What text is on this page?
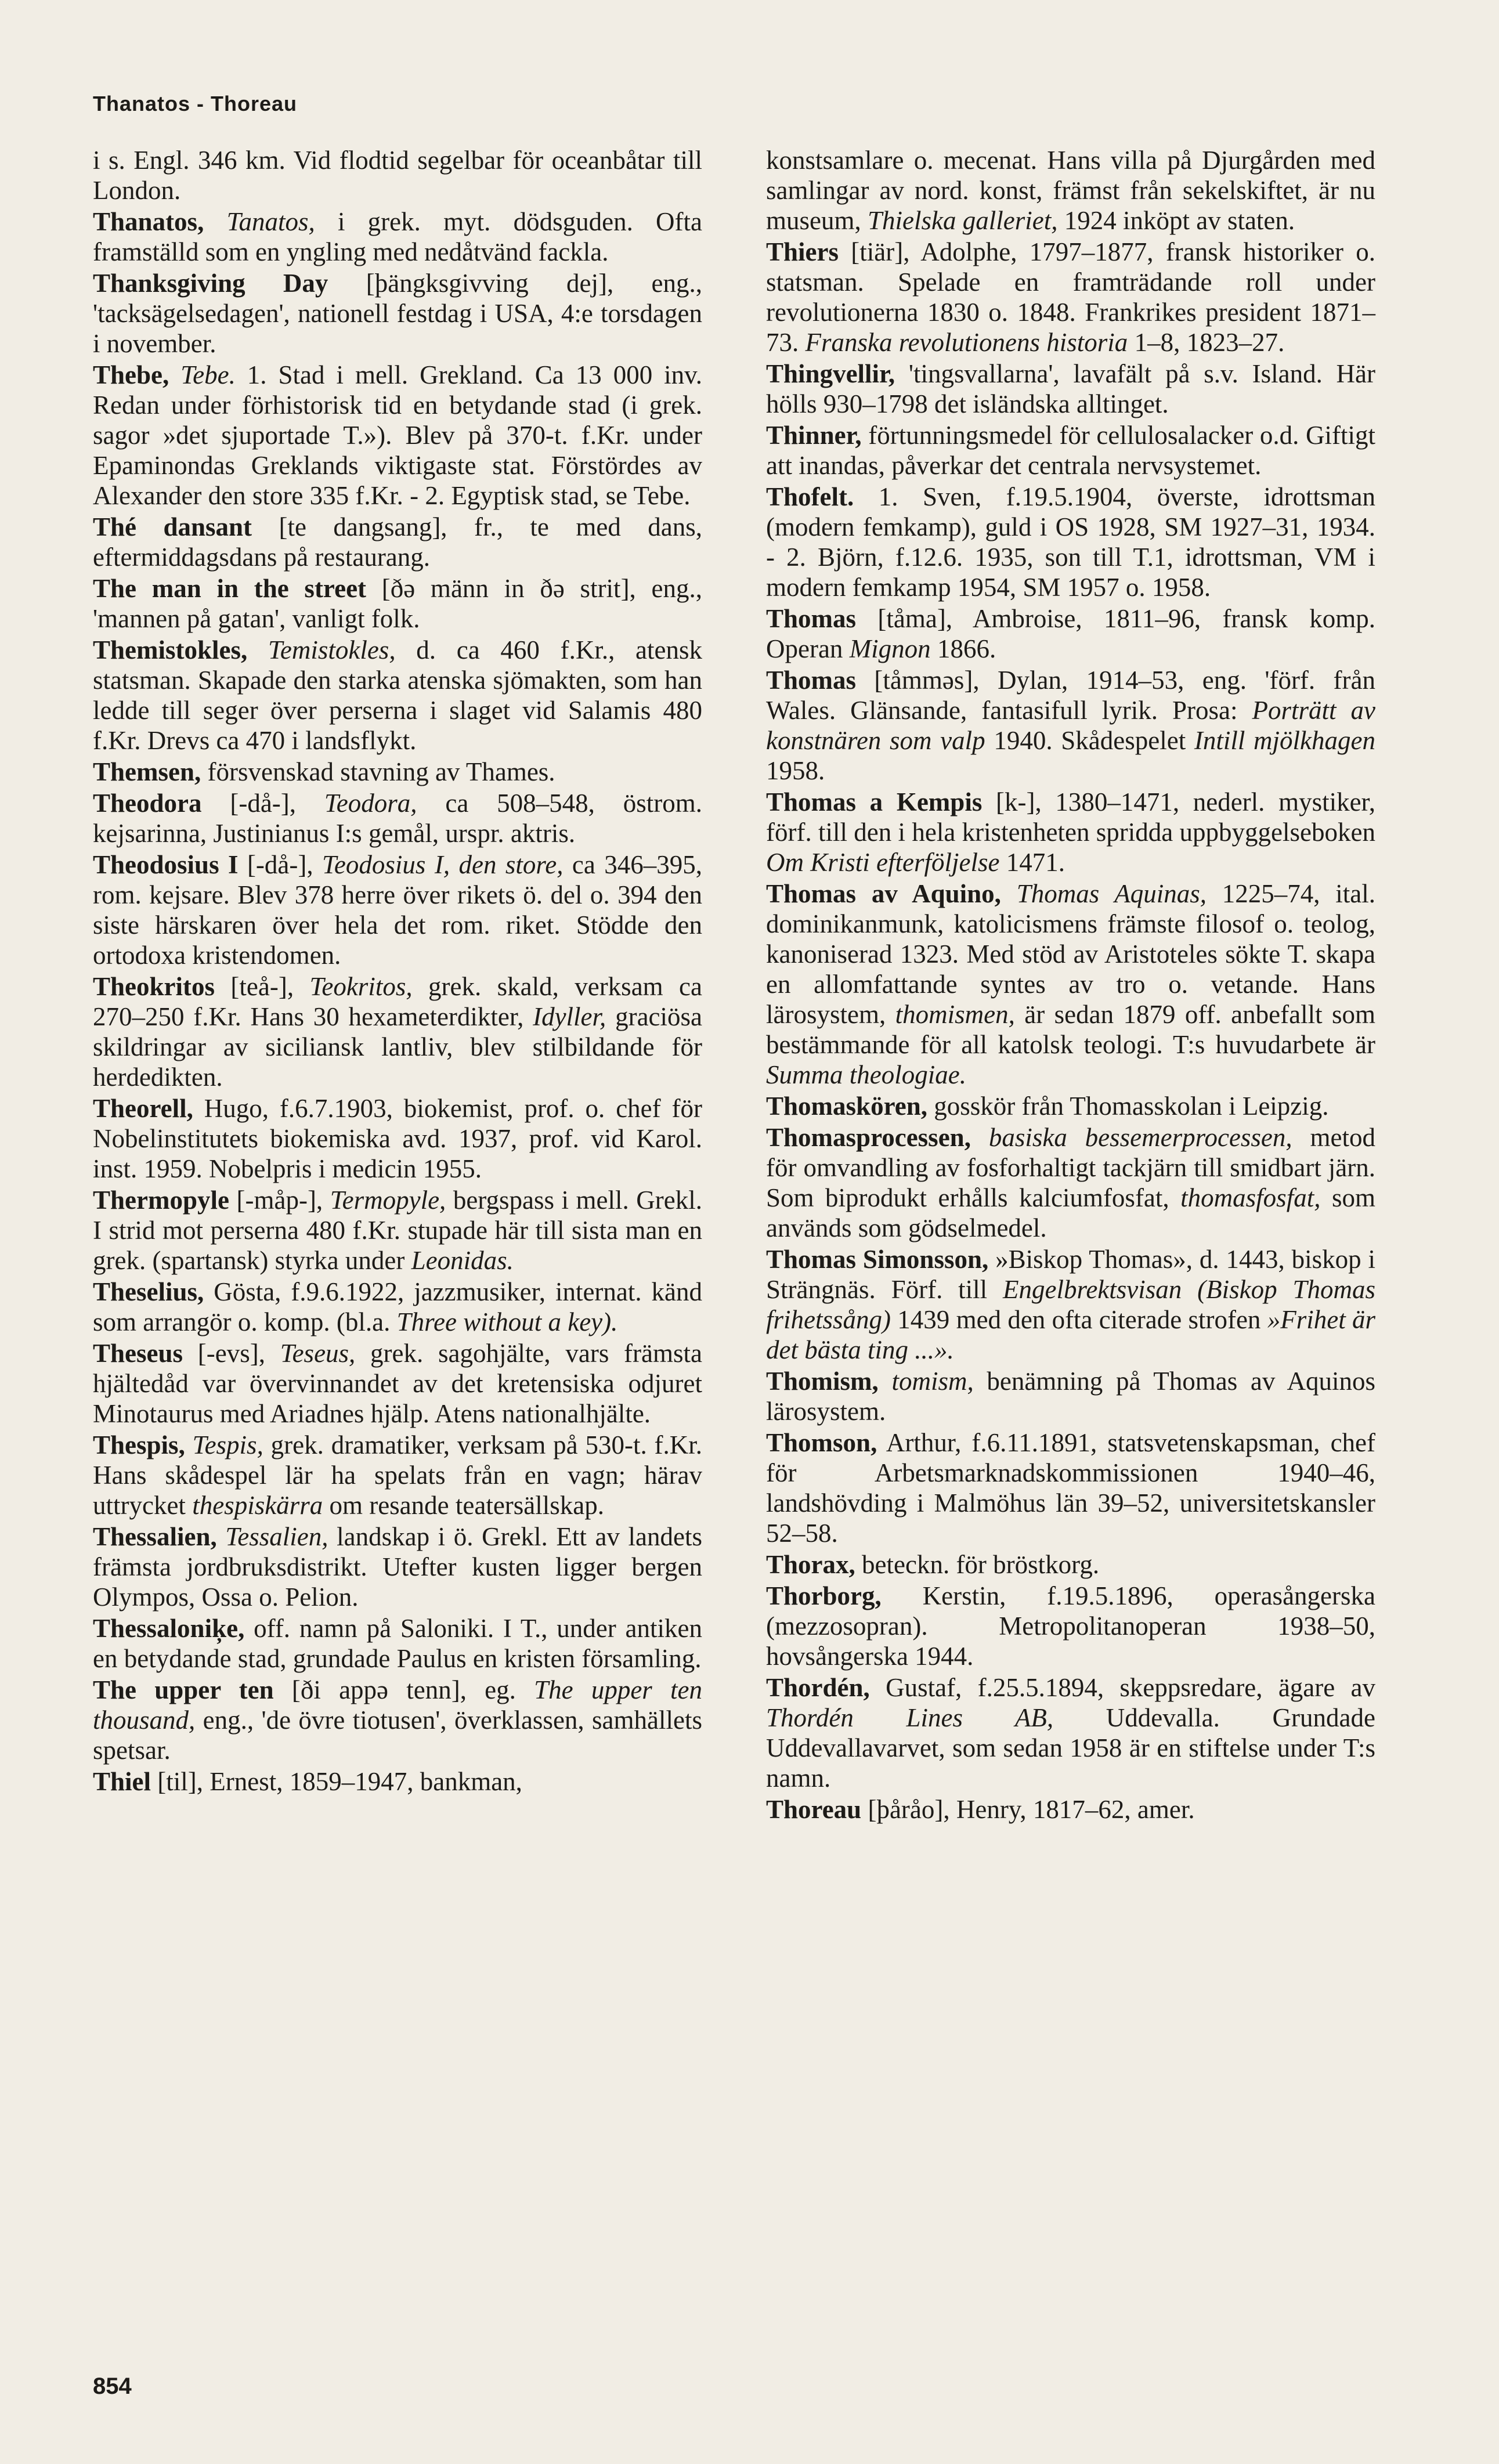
Thanatos - Thoreau

i s. Engl. 346 km. Vid flodtid segelbar för oceanbåtar till London.

Thanatos, Tanatos, i grek. myt. dödsguden. Ofta framställd som en yngling med nedåtvänd fackla.

Thanksgiving Day [þängksgivving dej], eng., 'tacksägelsedagen', nationell festdag i USA, 4:e torsdagen i november.

Thebe, Tebe. 1. Stad i mell. Grekland. Ca 13 000 inv. Redan under förhistorisk tid en betydande stad (i grek. sagor »det sjuportade T.»). Blev på 370-t. f.Kr. under Epaminondas Greklands viktigaste stat. Förstördes av Alexander den store 335 f.Kr. - 2. Egyptisk stad, se Tebe.

Thé dansant [te dangsang], fr., te med dans, eftermiddagsdans på restaurang.

The man in the street [ðə männ in ðə strit], eng., 'mannen på gatan', vanligt folk.

Themistokles, Temistokles, d. ca 460 f.Kr., atensk statsman. Skapade den starka atenska sjömakten, som han ledde till seger över perserna i slaget vid Salamis 480 f.Kr. Drevs ca 470 i landsflykt.

Themsen, försvenskad stavning av Thames.

Theodora [-då-], Teodora, ca 508–548, östrom. kejsarinna, Justinianus I:s gemål, urspr. aktris.

Theodosius I [-då-], Teodosius I, den store, ca 346–395, rom. kejsare. Blev 378 herre över rikets ö. del o. 394 den siste härskaren över hela det rom. riket. Stödde den ortodoxa kristendomen.

Theokritos [teå-], Teokritos, grek. skald, verksam ca 270–250 f.Kr. Hans 30 hexameterdikter, Idyller, graciösa skildringar av siciliansk lantliv, blev stilbildande för herdedikten.

Theorell, Hugo, f.6.7.1903, biokemist, prof. o. chef för Nobelinstitutets biokemiska avd. 1937, prof. vid Karol. inst. 1959. Nobelpris i medicin 1955.

Thermopyle [-måp-], Termopyle, bergspass i mell. Grekl. I strid mot perserna 480 f.Kr. stupade här till sista man en grek. (spartansk) styrka under Leonidas.

Theselius, Gösta, f.9.6.1922, jazzmusiker, internat. känd som arrangör o. komp. (bl.a. Three without a key).

Theseus [-evs], Teseus, grek. sagohjälte, vars främsta hjältedåd var övervinnandet av det kretensiska odjuret Minotaurus med Ariadnes hjälp. Atens nationalhjälte.

Thespis, Tespis, grek. dramatiker, verksam på 530-t. f.Kr. Hans skådespel lär ha spelats från en vagn; härav uttrycket thespiskärra om resande teatersällskap.

Thessalien, Tessalien, landskap i ö. Grekl. Ett av landets främsta jordbruksdistrikt. Utefter kusten ligger bergen Olympos, Ossa o. Pelion.

Thessaloniķe, off. namn på Saloniki. I T., under antiken en betydande stad, grundade Paulus en kristen församling.

The upper ten [ði appə tenn], eg. The upper ten thousand, eng., 'de övre tiotusen', överklassen, samhällets spetsar.

Thiel [til], Ernest, 1859–1947, bankman,

konstsamlare o. mecenat. Hans villa på Djurgården med samlingar av nord. konst, främst från sekelskiftet, är nu museum, Thielska galleriet, 1924 inköpt av staten.

Thiers [tiär], Adolphe, 1797–1877, fransk historiker o. statsman. Spelade en framträdande roll under revolutionerna 1830 o. 1848. Frankrikes president 1871–73. Franska revolutionens historia 1–8, 1823–27.

Thingvellir, 'tingsvallarna', lavafält på s.v. Island. Här hölls 930–1798 det isländska alltinget.

Thinner, förtunningsmedel för cellulosalacker o.d. Giftigt att inandas, påverkar det centrala nervsystemet.

Thofelt. 1. Sven, f.19.5.1904, överste, idrottsman (modern femkamp), guld i OS 1928, SM 1927–31, 1934. - 2. Björn, f.12.6. 1935, son till T.1, idrottsman, VM i modern femkamp 1954, SM 1957 o. 1958.

Thomas [tåma], Ambroise, 1811–96, fransk komp. Operan Mignon 1866.

Thomas [tåmməs], Dylan, 1914–53, eng. 'förf. från Wales. Glänsande, fantasifull lyrik. Prosa: Porträtt av konstnären som valp 1940. Skådespelet Intill mjölkhagen 1958.

Thomas a Kempis [k-], 1380–1471, nederl. mystiker, förf. till den i hela kristenheten spridda uppbyggelseboken Om Kristi efterföljelse 1471.

Thomas av Aquino, Thomas Aquinas, 1225–74, ital. dominikanmunk, katolicismens främste filosof o. teolog, kanoniserad 1323. Med stöd av Aristoteles sökte T. skapa en allomfattande syntes av tro o. vetande. Hans lärosystem, thomismen, är sedan 1879 off. anbefallt som bestämmande för all katolsk teologi. T:s huvudarbete är Summa theologiae.

Thomaskören, gosskör från Thomasskolan i Leipzig.

Thomasprocessen, basiska bessemerprocessen, metod för omvandling av fosforhaltigt tackjärn till smidbart järn. Som biprodukt erhålls kalciumfosfat, thomasfosfat, som används som gödselmedel.

Thomas Simonsson, »Biskop Thomas», d. 1443, biskop i Strängnäs. Förf. till Engelbrektsvisan (Biskop Thomas frihetssång) 1439 med den ofta citerade strofen »Frihet är det bästa ting ...».

Thomism, tomism, benämning på Thomas av Aquinos lärosystem.

Thomson, Arthur, f.6.11.1891, statsvetenskapsman, chef för Arbetsmarknadskommissionen 1940–46, landshövding i Malmöhus län 39–52, universitetskansler 52–58.

Thorax, beteckn. för bröstkorg.

Thorborg, Kerstin, f.19.5.1896, operasångerska (mezzosopran). Metropolitanoperan 1938–50, hovsångerska 1944.

Thordén, Gustaf, f.25.5.1894, skeppsredare, ägare av Thordén Lines AB, Uddevalla. Grundade Uddevallavarvet, som sedan 1958 är en stiftelse under T:s namn.

Thoreau [þåråo], Henry, 1817–62, amer.

854
